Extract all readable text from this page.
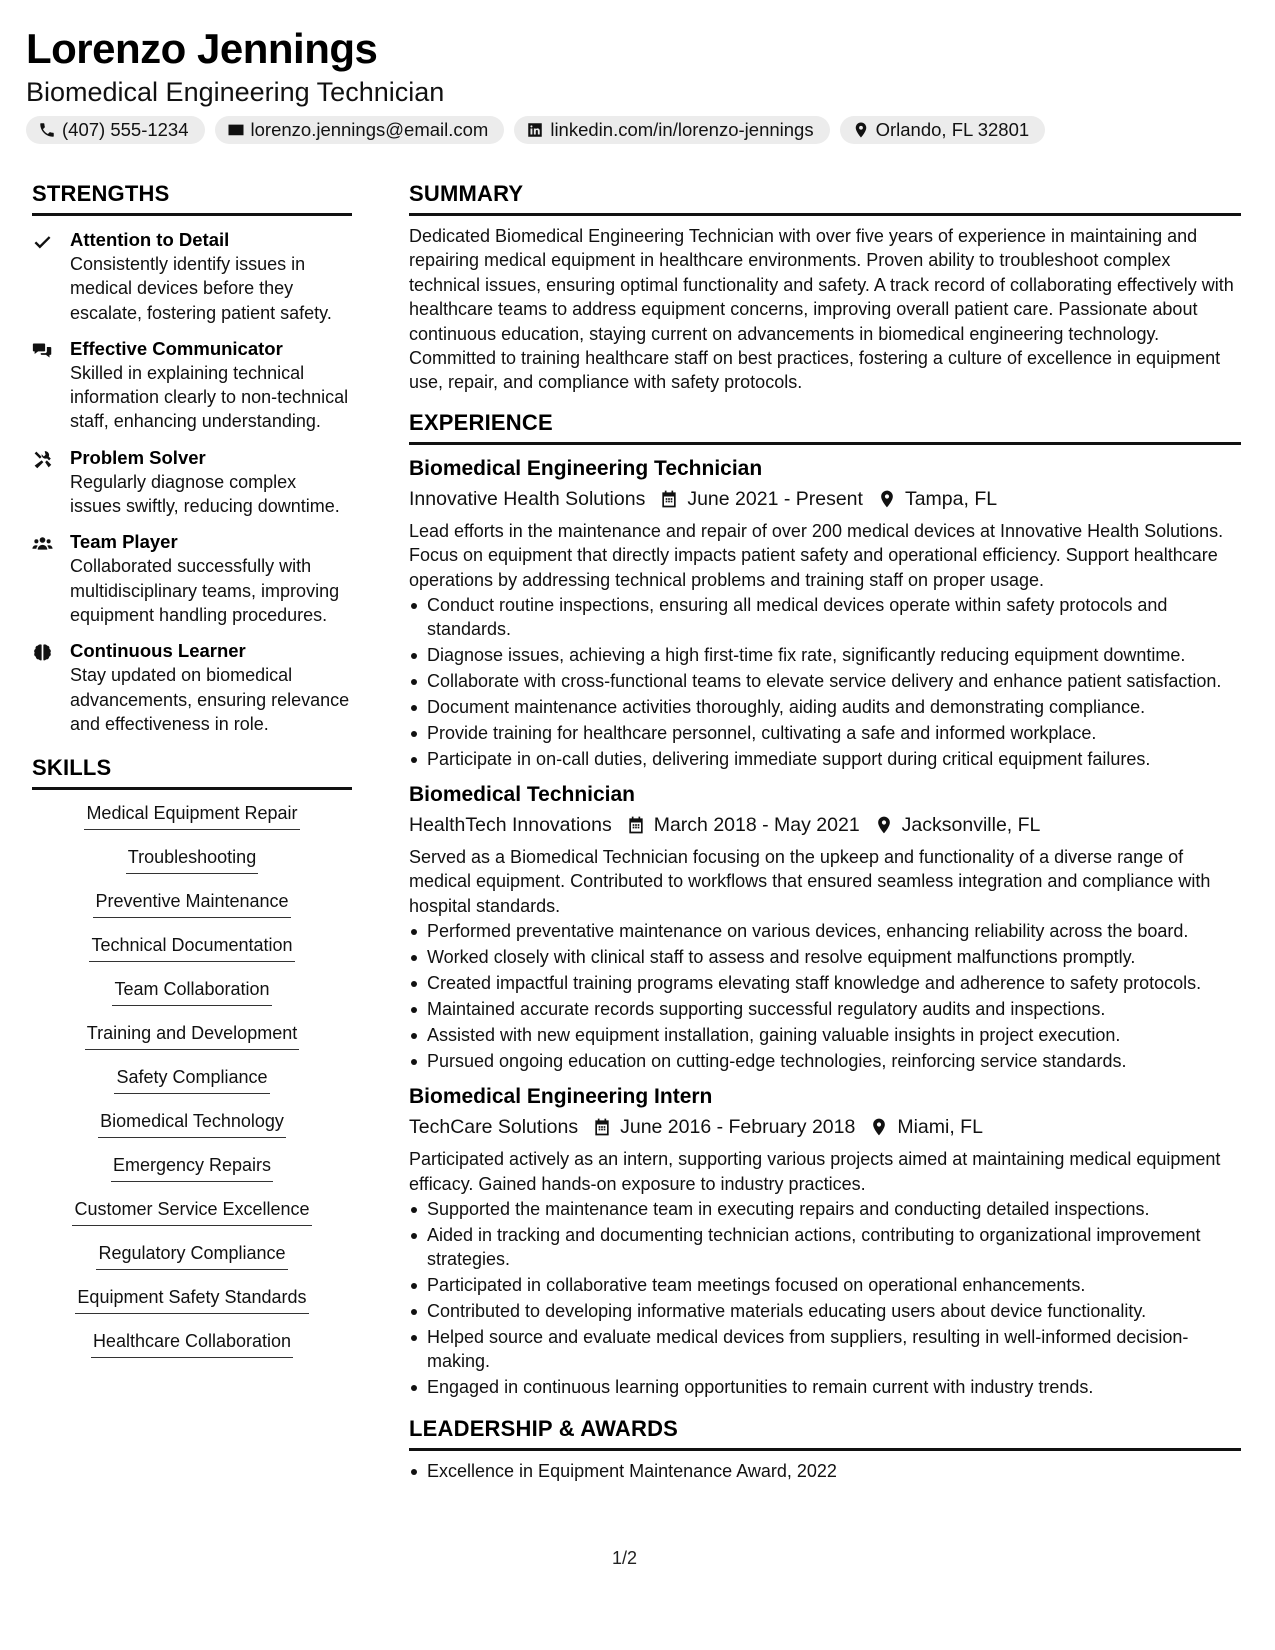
Lorenzo Jennings
Biomedical Engineering Technician
(407) 555-1234	lorenzo.jennings@email.com	linkedin.com/in/lorenzo-jennings	Orlando, FL 32801
STRENGTHS
Attention to Detail
Consistently identify issues in medical devices before they escalate, fostering patient safety.
Effective Communicator
Skilled in explaining technical information clearly to non-technical staff, enhancing understanding.
Problem Solver
Regularly diagnose complex issues swiftly, reducing downtime.
Team Player
Collaborated successfully with multidisciplinary teams, improving equipment handling procedures.
Continuous Learner
Stay updated on biomedical advancements, ensuring relevance and effectiveness in role.
SKILLS
Medical Equipment Repair
Troubleshooting
Preventive Maintenance
Technical Documentation
Team Collaboration
Training and Development
Safety Compliance
Biomedical Technology
Emergency Repairs
Customer Service Excellence
Regulatory Compliance
Equipment Safety Standards
Healthcare Collaboration
SUMMARY
Dedicated Biomedical Engineering Technician with over five years of experience in maintaining and repairing medical equipment in healthcare environments. Proven ability to troubleshoot complex technical issues, ensuring optimal functionality and safety. A track record of collaborating effectively with healthcare teams to address equipment concerns, improving overall patient care. Passionate about continuous education, staying current on advancements in biomedical engineering technology. Committed to training healthcare staff on best practices, fostering a culture of excellence in equipment use, repair, and compliance with safety protocols.
EXPERIENCE
Biomedical Engineering Technician
Innovative Health Solutions June 2021 - Present Tampa, FL
Lead efforts in the maintenance and repair of over 200 medical devices at Innovative Health Solutions. Focus on equipment that directly impacts patient safety and operational efficiency. Support healthcare operations by addressing technical problems and training staff on proper usage.
Conduct routine inspections, ensuring all medical devices operate within safety protocols and standards.
Diagnose issues, achieving a high first-time fix rate, significantly reducing equipment downtime.
Collaborate with cross-functional teams to elevate service delivery and enhance patient satisfaction.
Document maintenance activities thoroughly, aiding audits and demonstrating compliance.
Provide training for healthcare personnel, cultivating a safe and informed workplace.
Participate in on-call duties, delivering immediate support during critical equipment failures.
Biomedical Technician
HealthTech Innovations March 2018 - May 2021 Jacksonville, FL
Served as a Biomedical Technician focusing on the upkeep and functionality of a diverse range of medical equipment. Contributed to workflows that ensured seamless integration and compliance with hospital standards.
Performed preventative maintenance on various devices, enhancing reliability across the board.
Worked closely with clinical staff to assess and resolve equipment malfunctions promptly.
Created impactful training programs elevating staff knowledge and adherence to safety protocols.
Maintained accurate records supporting successful regulatory audits and inspections.
Assisted with new equipment installation, gaining valuable insights in project execution.
Pursued ongoing education on cutting-edge technologies, reinforcing service standards.
Biomedical Engineering Intern
TechCare Solutions June 2016 - February 2018 Miami, FL
Participated actively as an intern, supporting various projects aimed at maintaining medical equipment efficacy. Gained hands-on exposure to industry practices.
Supported the maintenance team in executing repairs and conducting detailed inspections.
Aided in tracking and documenting technician actions, contributing to organizational improvement strategies.
Participated in collaborative team meetings focused on operational enhancements.
Contributed to developing informative materials educating users about device functionality.
Helped source and evaluate medical devices from suppliers, resulting in well-informed decision-making.
Engaged in continuous learning opportunities to remain current with industry trends.
LEADERSHIP & AWARDS
Excellence in Equipment Maintenance Award, 2022
1/2
